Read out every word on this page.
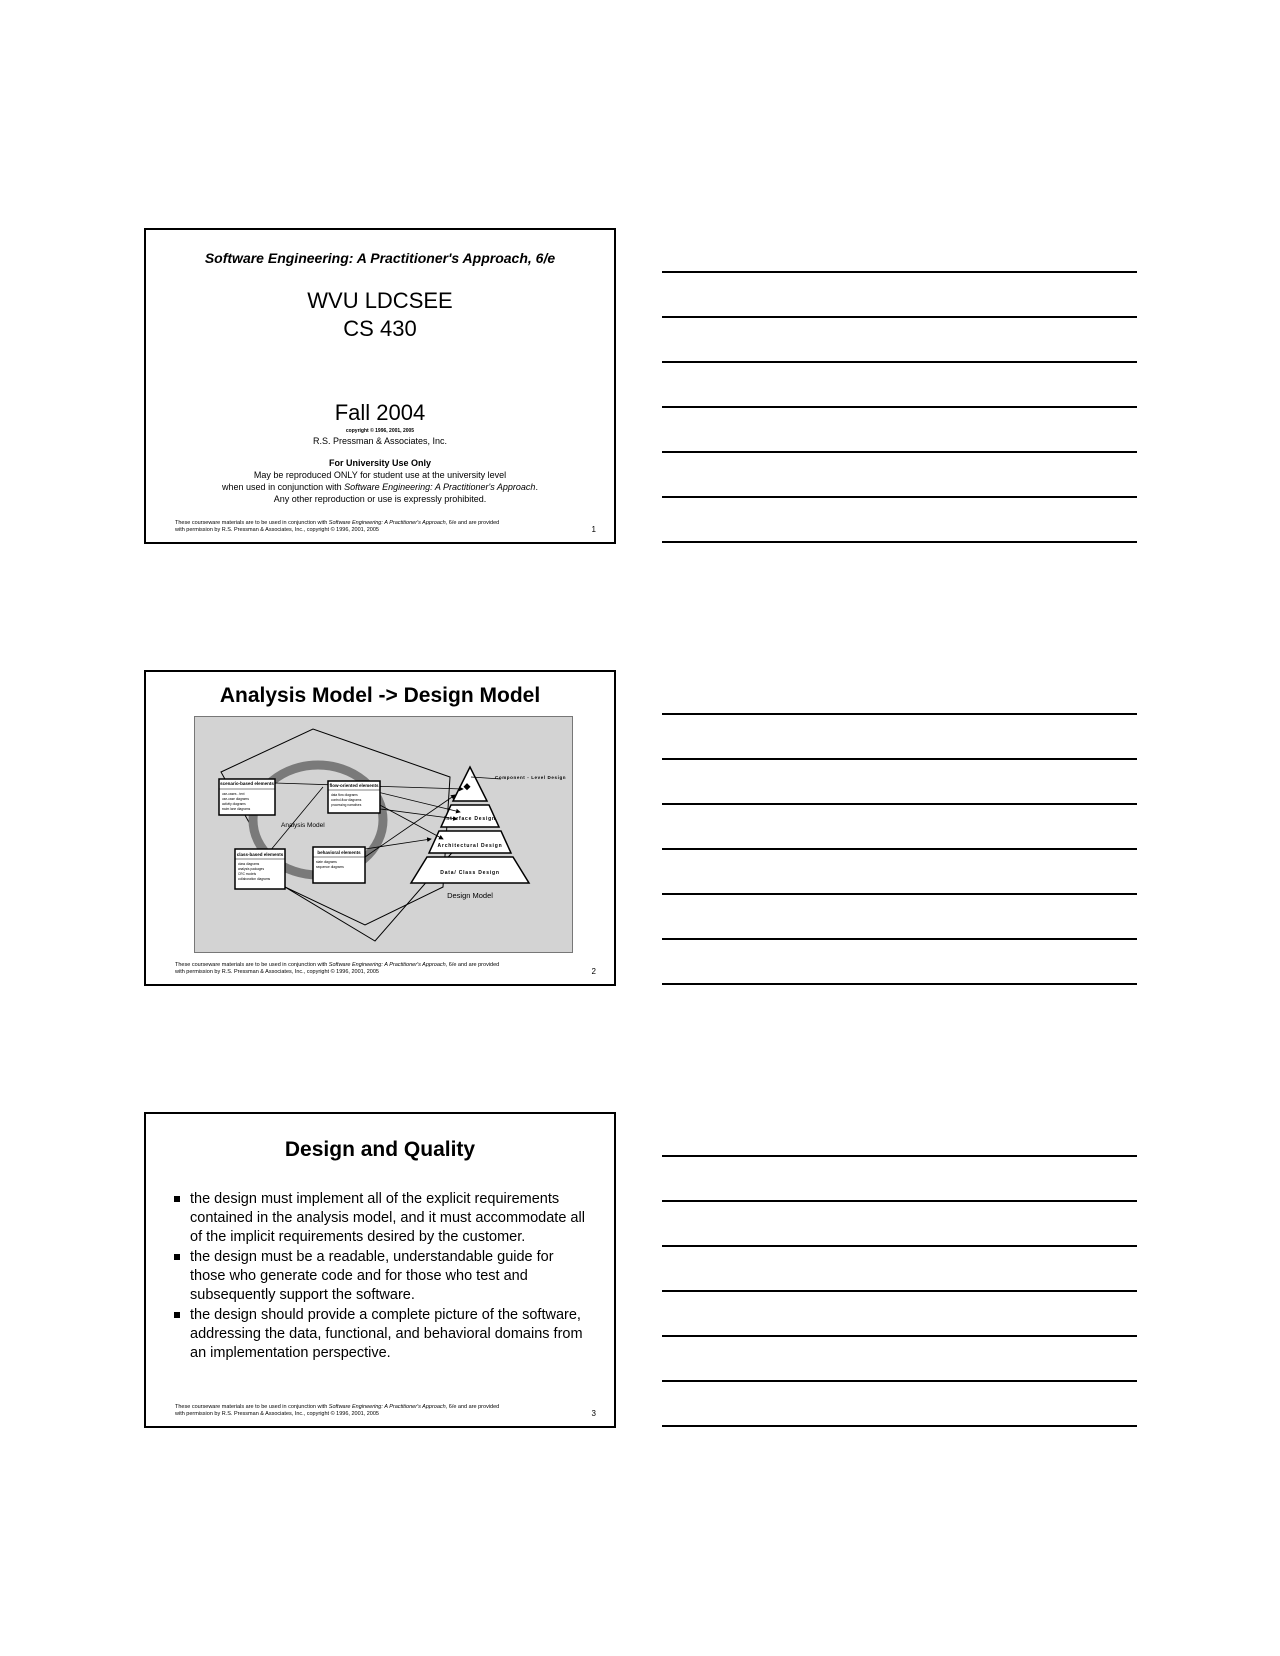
Software Engineering: A Practitioner's Approach, 6/e
WVU LDCSEE
CS 430
Fall 2004
copyright © 1996, 2001, 2005
R.S. Pressman & Associates, Inc.
For University Use Only
May be reproduced ONLY for student use at the university level
when used in conjunction with Software Engineering: A Practitioner's Approach.
Any other reproduction or use is expressly prohibited.
These courseware materials are to be used in conjunction with Software Engineering: A Practitioner's Approach, 6/e and are provided
with permission by R.S. Pressman & Associates, Inc., copyright © 1996, 2001, 2005	1
Analysis Model -> Design Model
scenario-based elements	flow-oriented elements
class-based elements	behavioral elements
use-cases - text
use-case diagrams
activity diagrams
swim lane diagrams
data flow diagrams
control-flow diagrams
processing narratives
class diagrams
analysis packages
CRC models
collaboration diagrams
state diagrams
sequence diagrams
Analysis Model
Component - Level Design
Interface Design
Architectural Design
Data/ Class Design
Design Model
These courseware materials are to be used in conjunction with Software Engineering: A Practitioner's Approach, 6/e and are provided
with permission by R.S. Pressman & Associates, Inc., copyright © 1996, 2001, 2005	2
Design and Quality
the design must implement all of the explicit requirements contained in the analysis model, and it must accommodate all of the implicit requirements desired by the customer.
the design must be a readable, understandable guide for those who generate code and for those who test and subsequently support the software.
the design should provide a complete picture of the software, addressing the data, functional, and behavioral domains from an implementation perspective.
These courseware materials are to be used in conjunction with Software Engineering: A Practitioner's Approach, 6/e and are provided
with permission by R.S. Pressman & Associates, Inc., copyright © 1996, 2001, 2005	3
